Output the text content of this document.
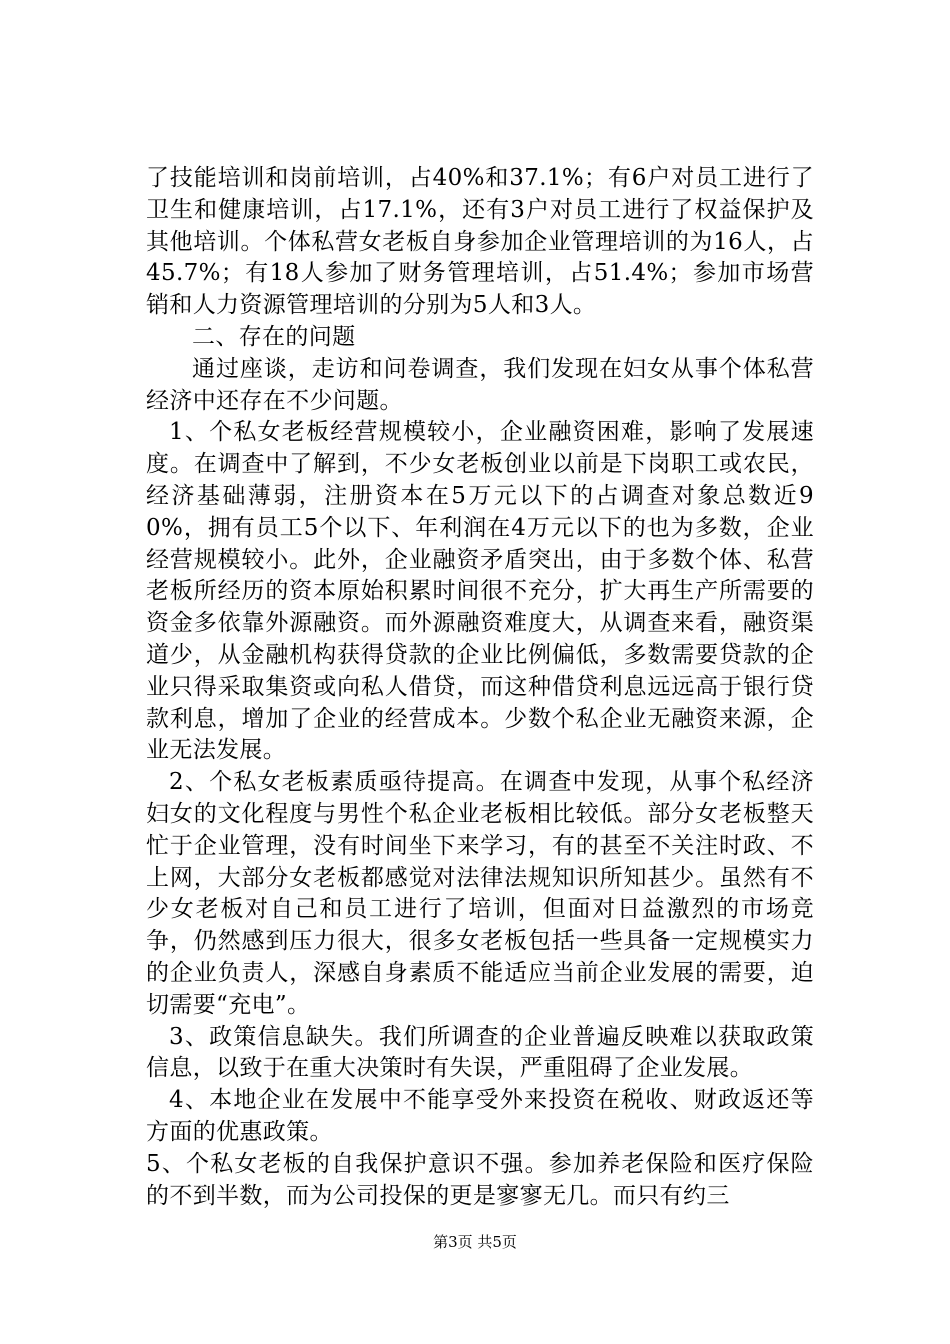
了技能培训和岗前培训，占40%和37.1%；有6户对员工进行了卫生和健康培训，占17.1%，还有3户对员工进行了权益保护及其他培训。个体私营女老板自身参加企业管理培训的为16人，占45.7%；有18人参加了财务管理培训，占51.4%；参加市场营销和人力资源管理培训的分别为5人和3人。

二、存在的问题

通过座谈，走访和问卷调查，我们发现在妇女从事个体私营经济中还存在不少问题。

1、个私女老板经营规模较小，企业融资困难，影响了发展速度。在调查中了解到，不少女老板创业以前是下岗职工或农民，经济基础薄弱，注册资本在5万元以下的占调查对象总数近90%，拥有员工5个以下、年利润在4万元以下的也为多数，企业经营规模较小。此外，企业融资矛盾突出，由于多数个体、私营老板所经历的资本原始积累时间很不充分，扩大再生产所需要的资金多依靠外源融资。而外源融资难度大，从调查来看，融资渠道少，从金融机构获得贷款的企业比例偏低，多数需要贷款的企业只得采取集资或向私人借贷，而这种借贷利息远远高于银行贷款利息，增加了企业的经营成本。少数个私企业无融资来源，企业无法发展。

2、个私女老板素质亟待提高。在调查中发现，从事个私经济妇女的文化程度与男性个私企业老板相比较低。部分女老板整天忙于企业管理，没有时间坐下来学习，有的甚至不关注时政、不上网，大部分女老板都感觉对法律法规知识所知甚少。虽然有不少女老板对自己和员工进行了培训，但面对日益激烈的市场竞争，仍然感到压力很大，很多女老板包括一些具备一定规模实力的企业负责人，深感自身素质不能适应当前企业发展的需要，迫切需要“充电”。

3、政策信息缺失。我们所调查的企业普遍反映难以获取政策信息，以致于在重大决策时有失误，严重阻碍了企业发展。

4、本地企业在发展中不能享受外来投资在税收、财政返还等方面的优惠政策。

5、个私女老板的自我保护意识不强。参加养老保险和医疗保险的不到半数，而为公司投保的更是寥寥无几。而只有约三

第3页 共5页
